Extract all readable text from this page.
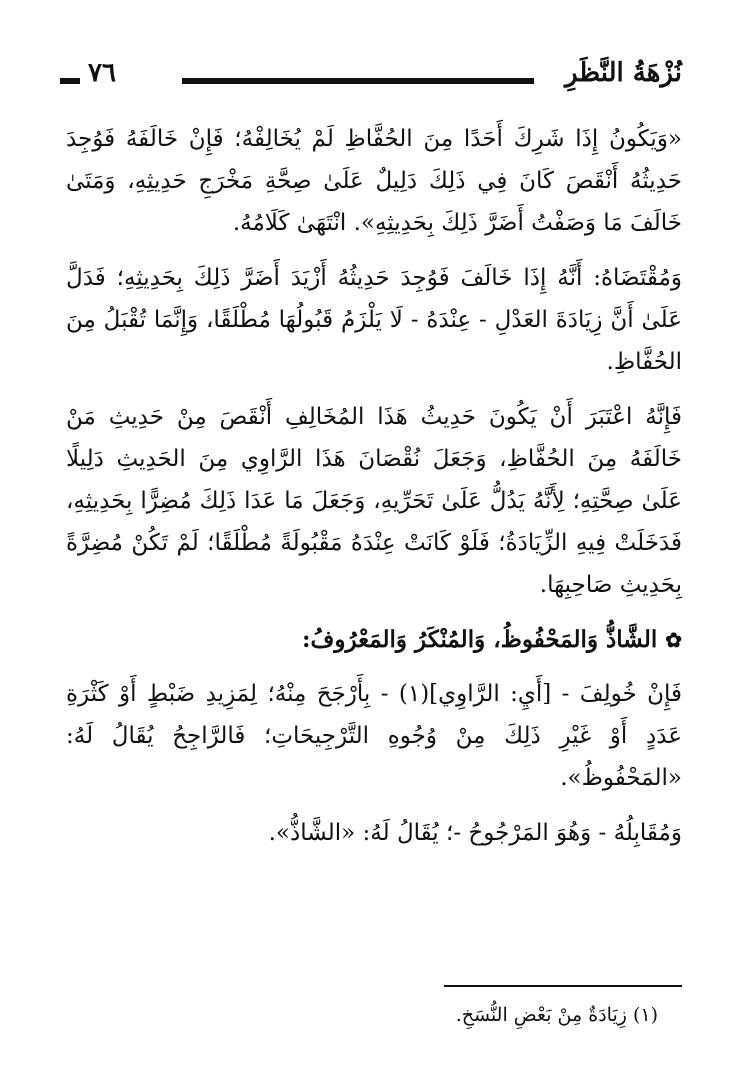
نُزْهَةُ النَّظَرِ
٧٦

«وَيَكُونُ إِذَا شَرِكَ أَحَدًا مِنَ الحُفَّاظِ لَمْ يُخَالِفْهُ؛ فَإِنْ خَالَفَهُ فَوُجِدَ حَدِيثُهُ أَنْقَصَ كَانَ فِي ذَلِكَ دَلِيلٌ عَلَىٰ صِحَّةِ مَخْرَجِ حَدِيثِهِ، وَمَتَىٰ خَالَفَ مَا وَصَفْتُ أَضَرَّ ذَلِكَ بِحَدِيثِهِ». انْتَهَىٰ كَلَامُهُ.

وَمُقْتَضَاهُ: أَنَّهُ إِذَا خَالَفَ فَوُجِدَ حَدِيثُهُ أَزْيَدَ أَضَرَّ ذَلِكَ بِحَدِيثِهِ؛ فَدَلَّ عَلَىٰ أَنَّ زِيَادَةَ العَدْلِ - عِنْدَهُ - لَا يَلْزَمُ قَبُولُهَا مُطْلَقًا، وَإِنَّمَا تُقْبَلُ مِنَ الحُفَّاظِ.

فَإِنَّهُ اعْتَبَرَ أَنْ يَكُونَ حَدِيثُ هَذَا المُخَالِفِ أَنْقَصَ مِنْ حَدِيثِ مَنْ خَالَفَهُ مِنَ الحُفَّاظِ، وَجَعَلَ نُقْصَانَ هَذَا الرَّاوِي مِنَ الحَدِيثِ دَلِيلًا عَلَىٰ صِحَّتِهِ؛ لِأَنَّهُ يَدُلُّ عَلَىٰ تَحَرِّيهِ، وَجَعَلَ مَا عَدَا ذَلِكَ مُضِرًّا بِحَدِيثِهِ، فَدَخَلَتْ فِيهِ الزِّيَادَةُ؛ فَلَوْ كَانَتْ عِنْدَهُ مَقْبُولَةً مُطْلَقًا؛ لَمْ تَكُنْ مُضِرَّةً بِحَدِيثِ صَاحِبِهَا.

✿
الشَّاذُّ وَالمَحْفُوظُ، وَالمُنْكَرُ وَالمَعْرُوفُ:

فَإِنْ خُولِفَ - [أَيِ: الرَّاوِي](١) - بِأَرْجَحَ مِنْهُ؛ لِمَزِيدِ ضَبْطٍ أَوْ كَثْرَةِ عَدَدٍ أَوْ غَيْرِ ذَلِكَ مِنْ وُجُوهِ التَّرْجِيحَاتِ؛ فَالرَّاجِحُ يُقَالُ لَهُ: «المَحْفُوظُ».

وَمُقَابِلُهُ - وَهُوَ المَرْجُوحُ -؛ يُقَالُ لَهُ: «الشَّاذُّ».

(١) زِيَادَةٌ مِنْ بَعْضِ النُّسَخِ.
